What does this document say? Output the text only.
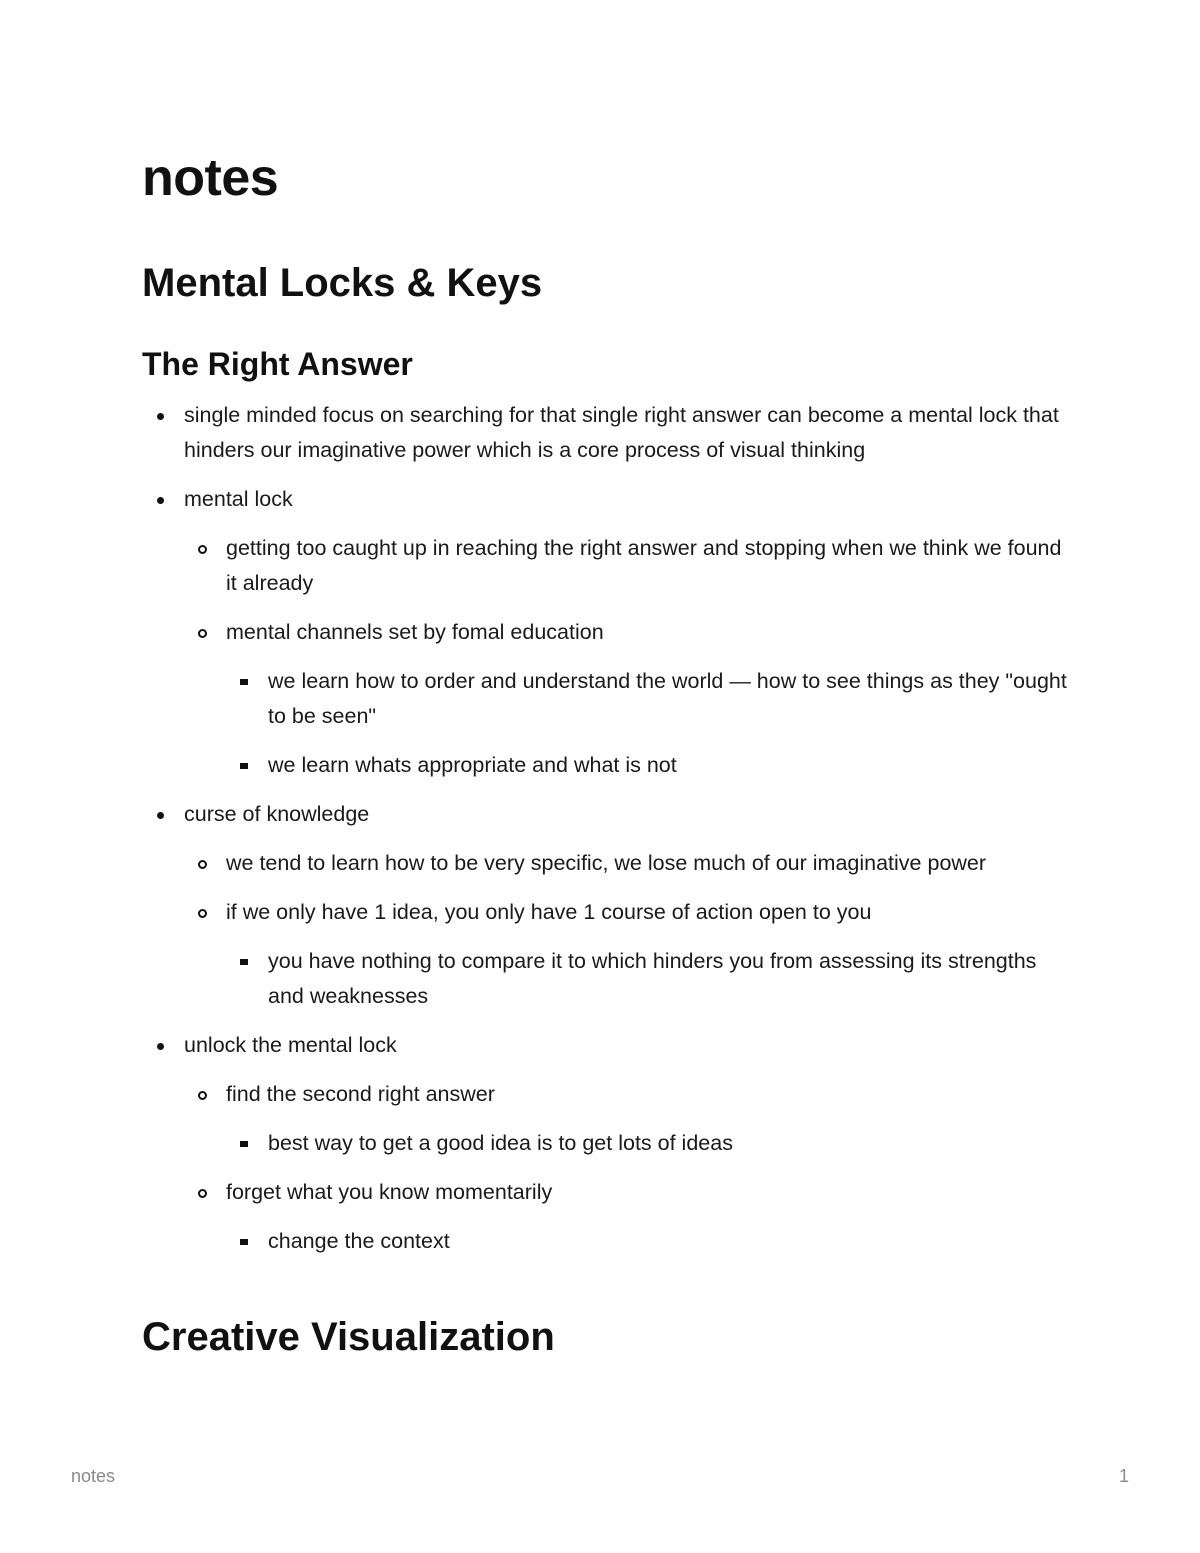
notes
Mental Locks & Keys
The Right Answer
single minded focus on searching for that single right answer can become a mental lock that hinders our imaginative power which is a core process of visual thinking
mental lock
getting too caught up in reaching the right answer and stopping when we think we found it already
mental channels set by fomal education
we learn how to order and understand the world — how to see things as they "ought to be seen"
we learn whats appropriate and what is not
curse of knowledge
we tend to learn how to be very specific, we lose much of our imaginative power
if we only have 1 idea, you only have 1 course of action open to you
you have nothing to compare it to which hinders you from assessing its strengths and weaknesses
unlock the mental lock
find the second right answer
best way to get a good idea is to get lots of ideas
forget what you know momentarily
change the context
Creative Visualization
notes	1
